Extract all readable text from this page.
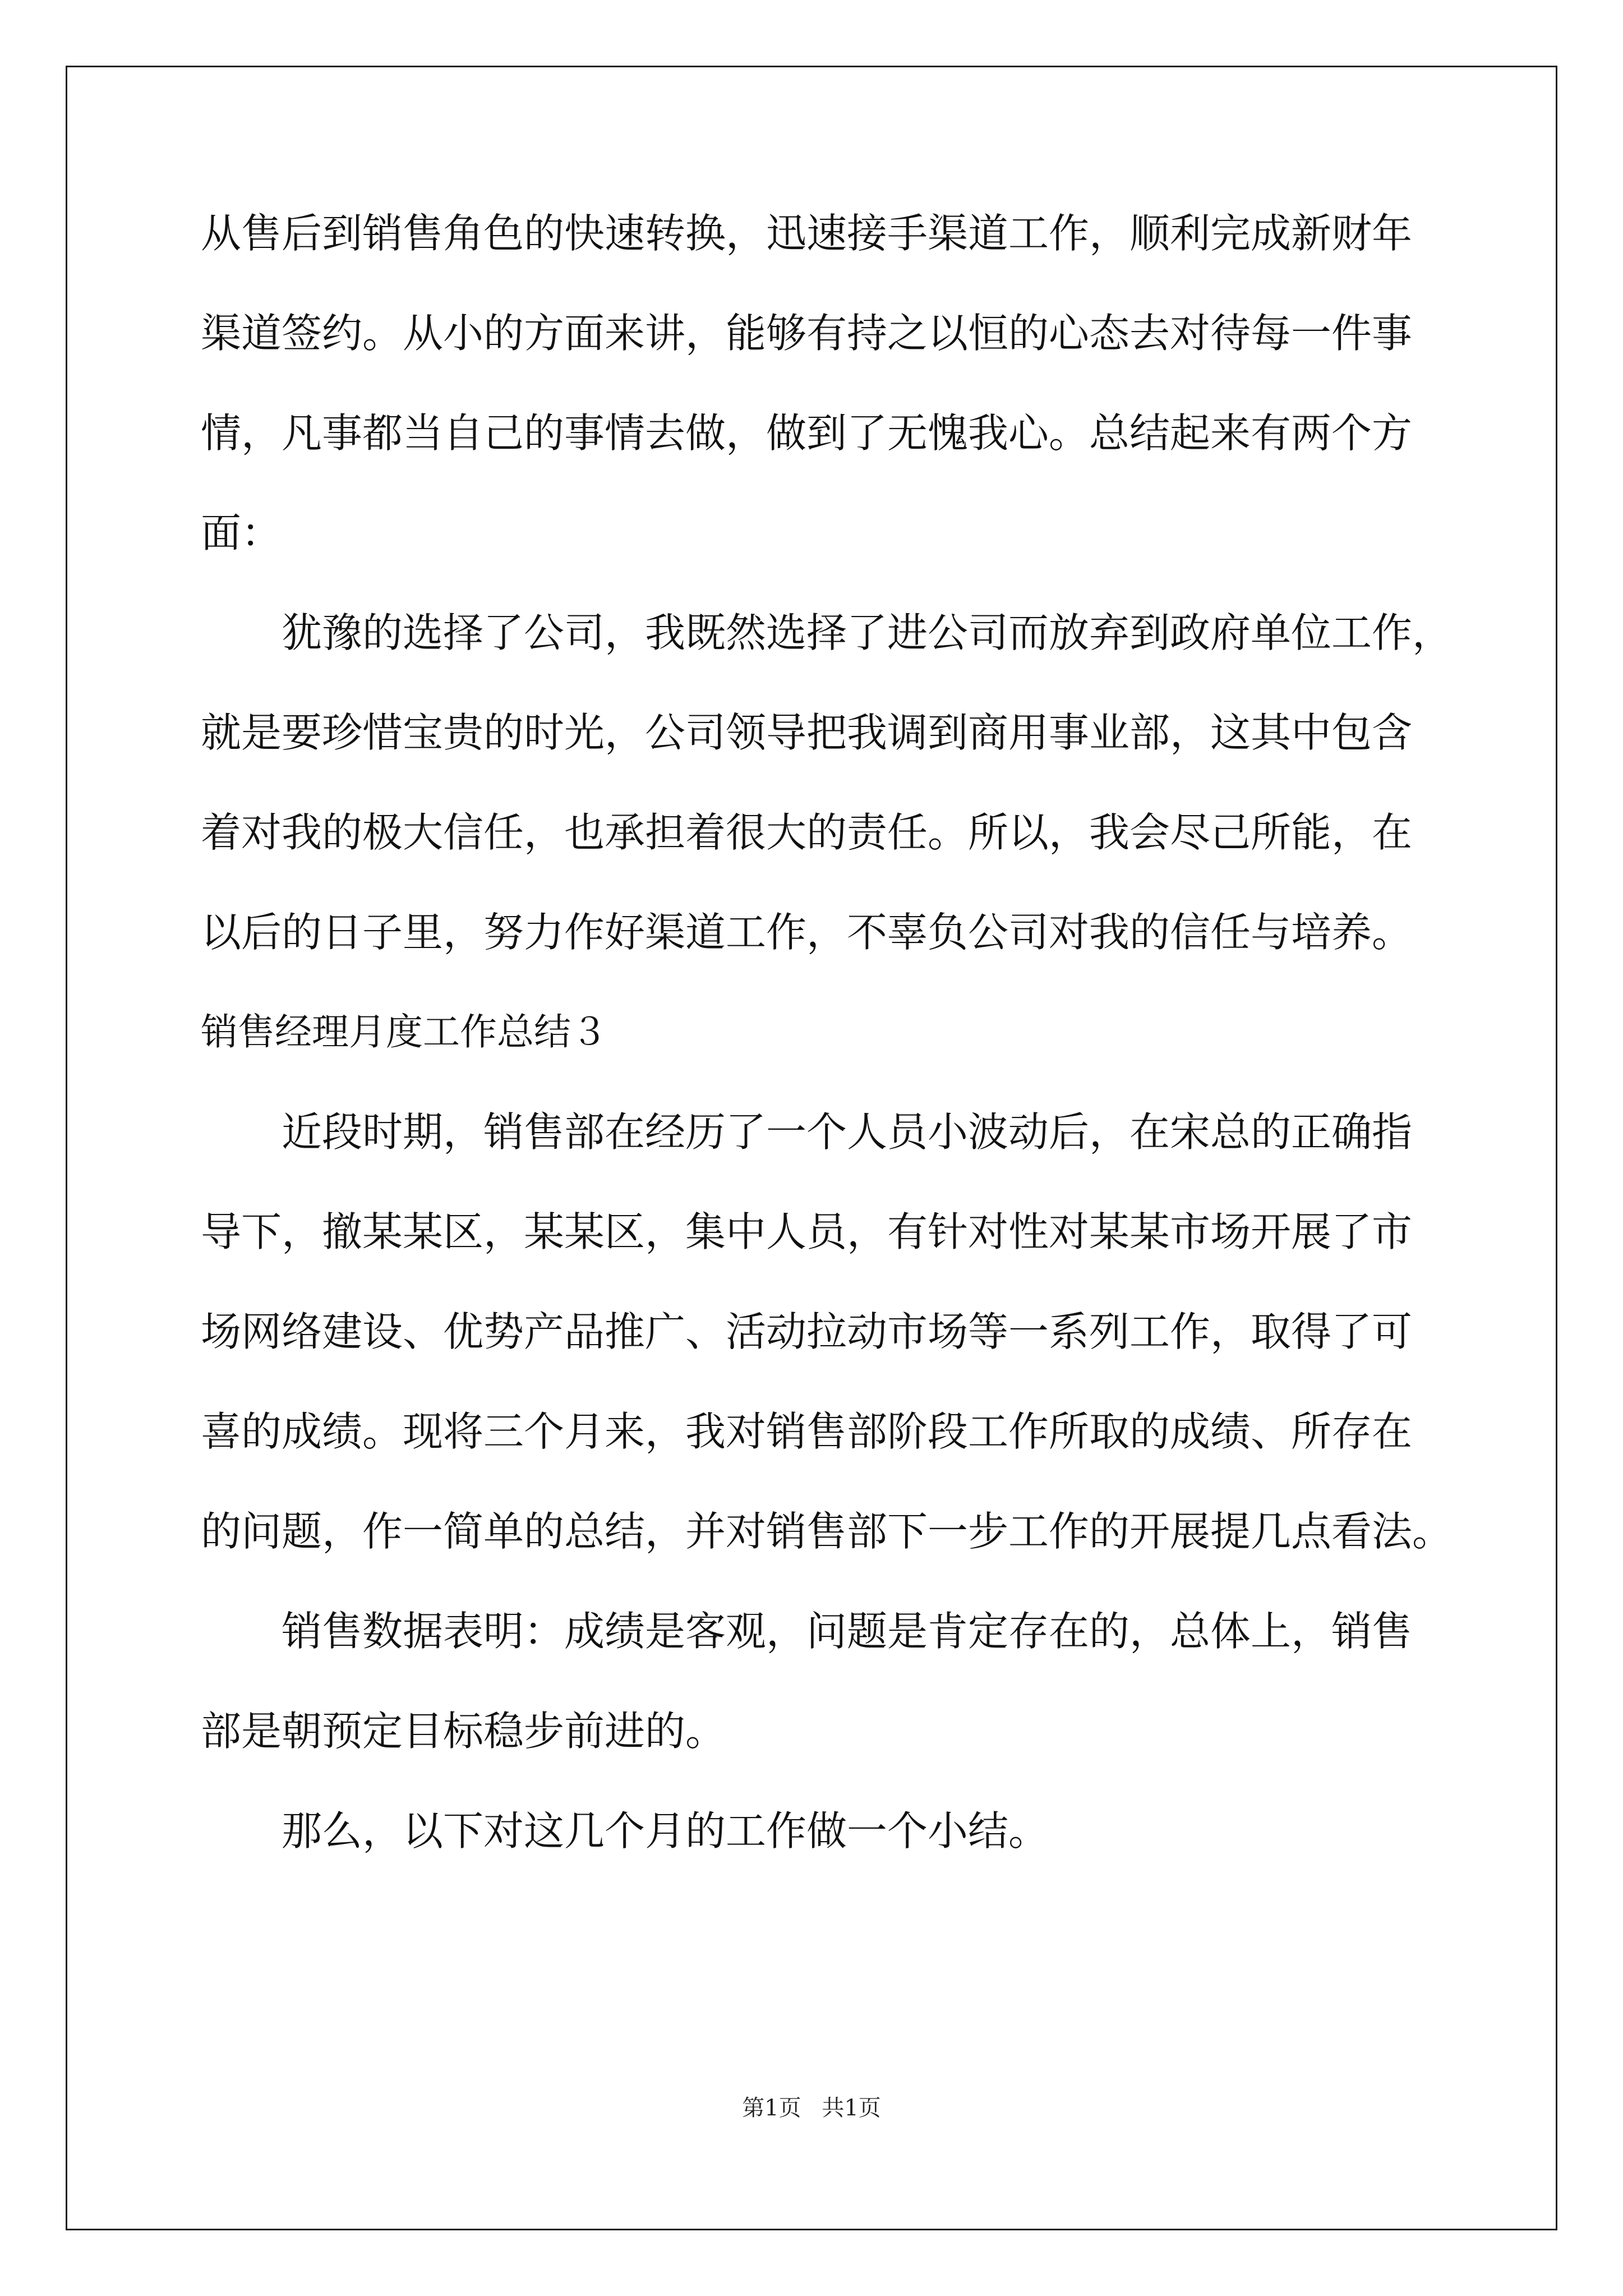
从售后到销售角色的快速转换，迅速接手渠道工作，顺利完成新财年
渠道签约。从小的方面来讲，能够有持之以恒的心态去对待每一件事
情，凡事都当自己的事情去做，做到了无愧我心。总结起来有两个方
面：
犹豫的选择了公司，我既然选择了进公司而放弃到政府单位工作，
就是要珍惜宝贵的时光，公司领导把我调到商用事业部，这其中包含
着对我的极大信任，也承担着很大的责任。所以，我会尽己所能，在
以后的日子里，努力作好渠道工作，不辜负公司对我的信任与培养。
销售经理月度工作总结３
近段时期，销售部在经历了一个人员小波动后，在宋总的正确指
导下，撤某某区，某某区，集中人员，有针对性对某某市场开展了市
场网络建设、优势产品推广、活动拉动市场等一系列工作，取得了可
喜的成绩。现将三个月来，我对销售部阶段工作所取的成绩、所存在
的问题，作一简单的总结，并对销售部下一步工作的开展提几点看法。
销售数据表明：成绩是客观，问题是肯定存在的，总体上，销售
部是朝预定目标稳步前进的。
那么，以下对这几个月的工作做一个小结。
第1页 共1页
